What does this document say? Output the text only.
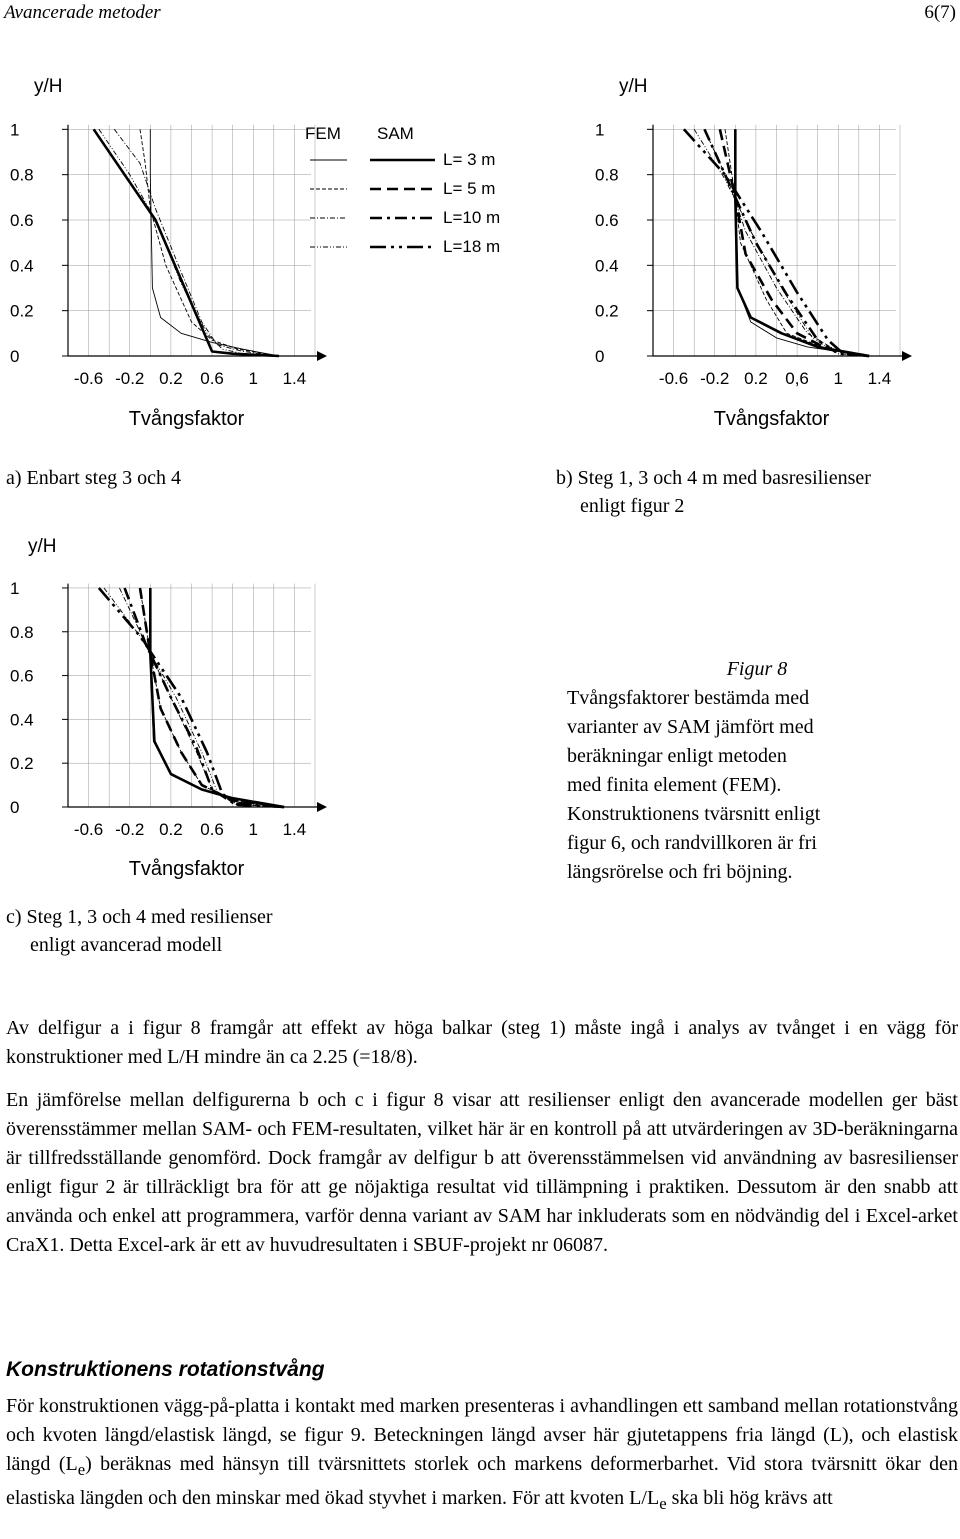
Avancerade metoder	6(7)
0
0.2
0.4
0.6
0.8
1
-0.6 -0.2 0.2 0.6 1 1.4
y/H
Tvångsfaktor
0
0.2
0.4
0.6
0.8
1
-0.6 -0.2 0.2 0,6 1 1.4
y/H
Tvångsfaktor
0
0.2
0.4
0.6
0.8
1
-0.6 -0.2 0.2 0.6 1 1.4
y/H
Tvångsfaktor
FEM SAM
L= 3 m
L= 5 m
L=10 m
L=18 m
a) Enbart steg 3 och 4	b) Steg 1, 3 och 4 m med basresilienser
enligt figur 2
c) Steg 1, 3 och 4 med resilienser
enligt avancerad modell
Figur 8
Tvångsfaktorer bestämda med
varianter av SAM jämfört med
beräkningar enligt metoden
med finita element (FEM).
Konstruktionens tvärsnitt enligt
figur 6, och randvillkoren är fri
längsrörelse och fri böjning.
Av delfigur a i figur 8 framgår att effekt av höga balkar (steg 1) måste ingå i analys av tvånget i en vägg för konstruktioner med L/H mindre än ca 2.25 (=18/8).
En jämförelse mellan delfigurerna b och c i figur 8 visar att resilienser enligt den avancerade modellen ger bäst överensstämmer mellan SAM- och FEM-resultaten, vilket här är en kontroll på att utvärderingen av 3D-beräkningarna är tillfredsställande genomförd. Dock framgår av delfigur b att överensstämmelsen vid användning av basresilienser enligt figur 2 är tillräckligt bra för att ge nöjaktiga resultat vid tillämpning i praktiken. Dessutom är den snabb att använda och enkel att programmera, varför denna variant av SAM har inkluderats som en nödvändig del i Excel-arket CraX1. Detta Excel-ark är ett av huvudresultaten i SBUF-projekt nr 06087.
Konstruktionens rotationstvång
För konstruktionen vägg-på-platta i kontakt med marken presenteras i avhandlingen ett samband mellan rotationstvång och kvoten längd/elastisk längd, se figur 9. Beteckningen längd avser här gjutetappens fria längd (L), och elastisk längd $(L_e)$ beräknas med hänsyn till tvärsnittets storlek och markens deformerbarhet. Vid stora tvärsnitt ökar den elastiska längden och den minskar med ökad styvhet i marken. För att kvoten $L/L_e$ ska bli hög krävs att
